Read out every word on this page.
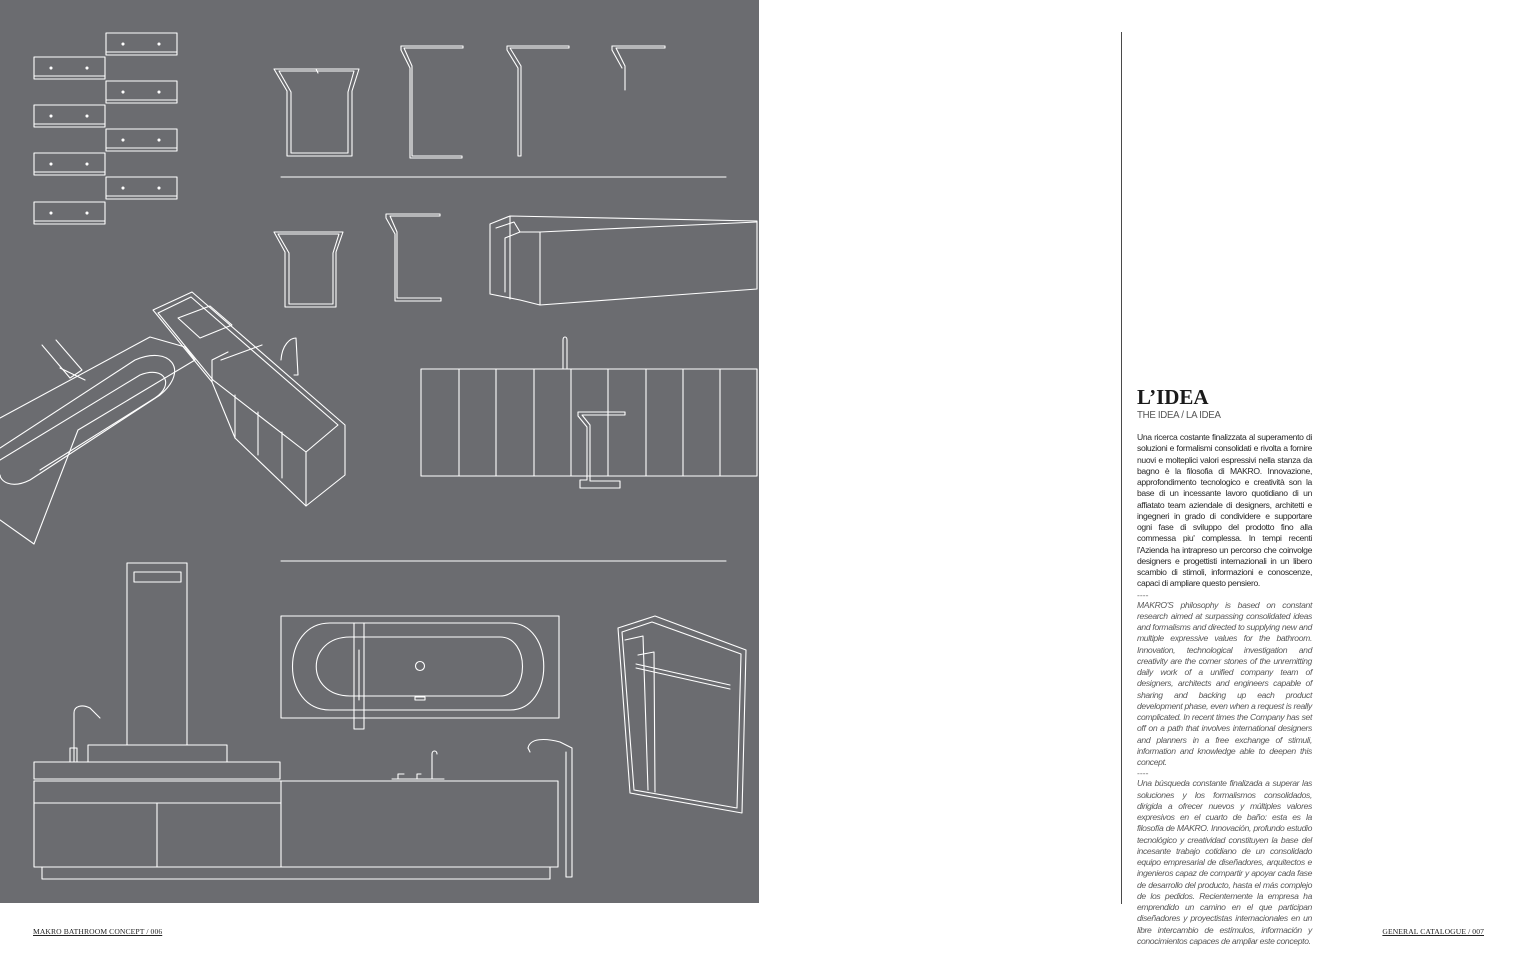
L’IDEA
THE IDEA / LA IDEA

Una ricerca costante finalizzata al superamento di soluzioni e formalismi consolidati e rivolta a fornire nuovi e molteplici valori espressivi nella stanza da bagno è la filosofia di MAKRO. Innovazione, approfondimento tecnologico e creatività son la base di un incessante lavoro quotidiano di un affiatato team aziendale di designers, architetti e ingegneri in grado di condividere e supportare ogni fase di sviluppo del prodotto fino alla commessa piu' complessa. In tempi recenti l'Azienda ha intrapreso un percorso che coinvolge designers e progettisti internazionali in un libero scambio di stimoli, informazioni e conoscenze, capaci di ampliare questo pensiero.

----

MAKRO'S philosophy is based on constant research aimed at surpassing consolidated ideas and formalisms and directed to supplying new and multiple expressive values for the bathroom. Innovation, technological investigation and creativity are the corner stones of the unremitting daily work of a unified company team of designers, architects and engineers capable of sharing and backing up each product development phase, even when a request is really complicated. In recent times the Company has set off on a path that involves international designers and planners in a free exchange of stimuli, information and knowledge able to deepen this concept.

----

Una búsqueda constante finalizada a superar las soluciones y los formalismos consolidados, dirigida a ofrecer nuevos y múltiples valores expresivos en el cuarto de baño: esta es la filosofía de MAKRO. Innovación, profundo estudio tecnológico y creatividad constituyen la base del incesante trabajo cotidiano de un consolidado equipo empresarial de diseñadores, arquitectos e ingenieros capaz de compartir y apoyar cada fase de desarrollo del producto, hasta el más complejo de los pedidos. Recientemente la empresa ha emprendido un camino en el que participan diseñadores y proyectistas internacionales en un libre intercambio de estímulos, información y conocimientos capaces de ampliar este concepto.

MAKRO BATHROOM CONCEPT / 006	GENERAL CATALOGUE / 007
